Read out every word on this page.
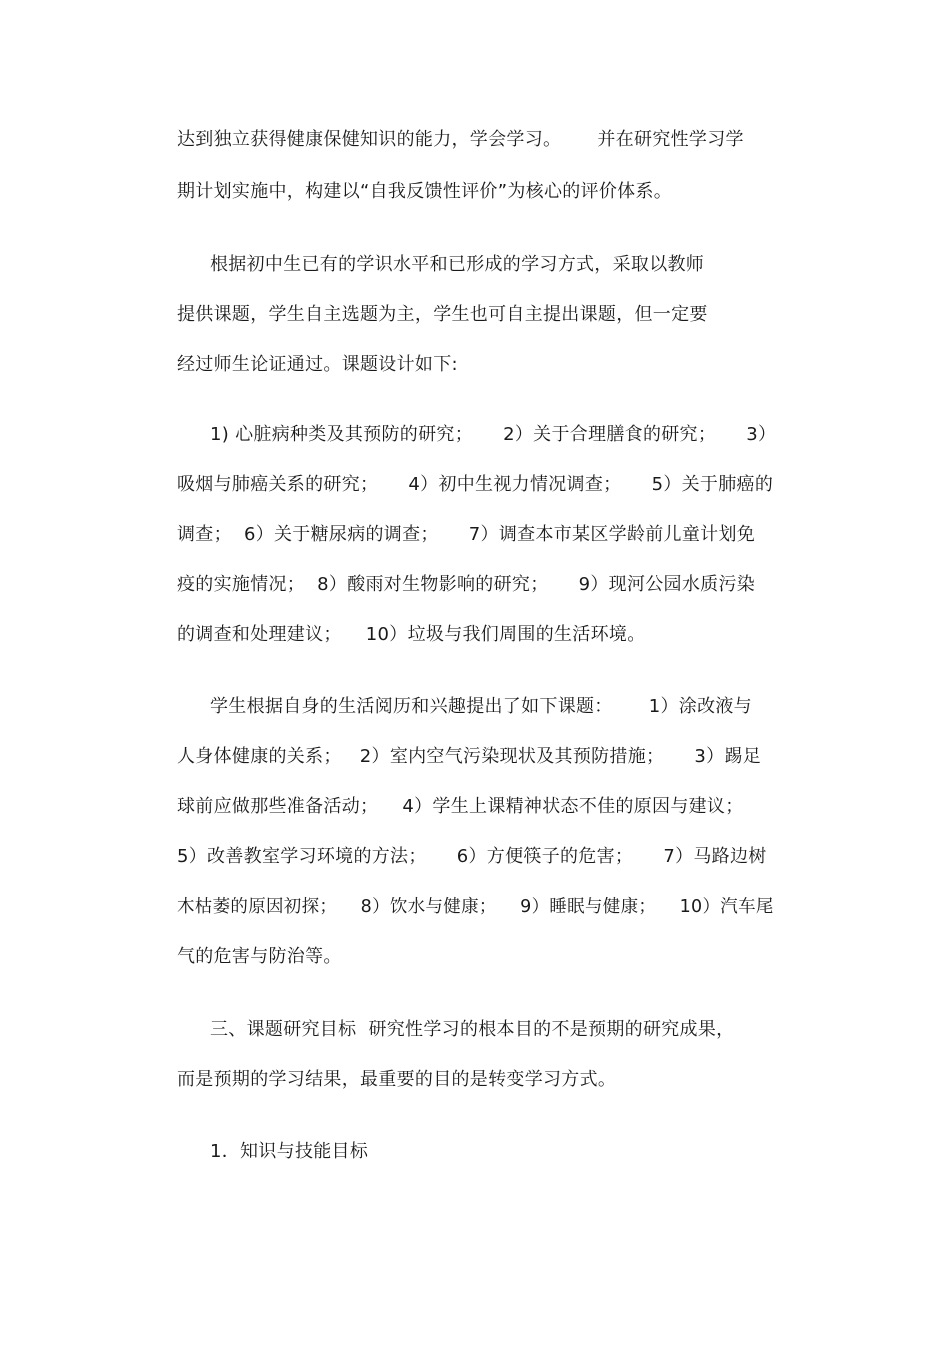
达到独立获得健康保健知识的能力，学会学习。      并在研究性学习学
期计划实施中，构建以“自我反馈性评价”为核心的评价体系。
根据初中生已有的学识水平和已形成的学习方式，采取以教师
提供课题，学生自主选题为主，学生也可自主提出课题，但一定要
经过师生论证通过。课题设计如下:
1) 心脏病种类及其预防的研究；     2）关于合理膳食的研究；     3）
吸烟与肺癌关系的研究；     4）初中生视力情况调查；     5）关于肺癌的
调查；  6）关于糖尿病的调查；     7）调查本市某区学龄前儿童计划免
疫的实施情况；  8）酸雨对生物影响的研究；     9）现河公园水质污染
的调查和处理建议；    10）垃圾与我们周围的生活环境。
学生根据自身的生活阅历和兴趣提出了如下课题：      1）涂改液与
人身体健康的关系；   2）室内空气污染现状及其预防措施；     3）踢足
球前应做那些准备活动；    4）学生上课精神状态不佳的原因与建议；
5）改善教室学习环境的方法；     6）方便筷子的危害；     7）马路边树
木枯萎的原因初探；    8）饮水与健康；    9）睡眠与健康；    10）汽车尾
气的危害与防治等。
三、课题研究目标  研究性学习的根本目的不是预期的研究成果，
而是预期的学习结果，最重要的目的是转变学习方式。
1．知识与技能目标
